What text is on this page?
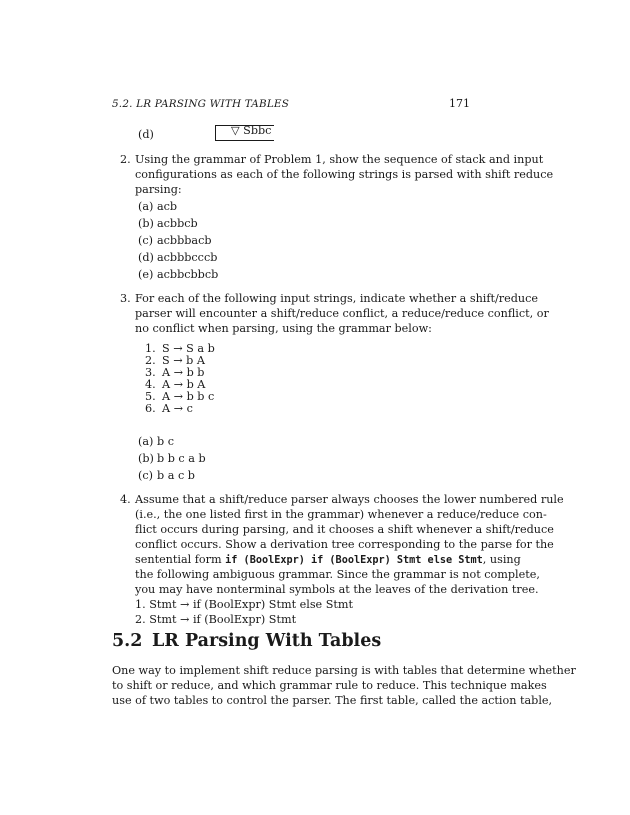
5.2. LR PARSING WITH TABLES	171
(d)	▽ Sbbc
2. Using the grammar of Problem 1, show the sequence of stack and input
configurations as each of the following strings is parsed with shift reduce
parsing:
(a) acb
(b) acbbcb
(c) acbbbacb
(d) acbbbcccb
(e) acbbcbbcb
3. For each of the following input strings, indicate whether a shift/reduce
parser will encounter a shift/reduce conflict, a reduce/reduce conflict, or
no conflict when parsing, using the grammar below:
1. S → S a b
2. S → b A
3. A → b b
4. A → b A
5. A → b b c
6. A → c
(a) b c
(b) b b c a b
(c) b a c b
4. Assume that a shift/reduce parser always chooses the lower numbered rule
(i.e., the one listed first in the grammar) whenever a reduce/reduce con-
flict occurs during parsing, and it chooses a shift whenever a shift/reduce
conflict occurs. Show a derivation tree corresponding to the parse for the
sentential form if (BoolExpr) if (BoolExpr) Stmt else Stmt, using
the following ambiguous grammar. Since the grammar is not complete,
you may have nonterminal symbols at the leaves of the derivation tree.
1. Stmt → if (BoolExpr) Stmt else Stmt
2. Stmt → if (BoolExpr) Stmt
5.2 LR Parsing With Tables
One way to implement shift reduce parsing is with tables that determine whether
to shift or reduce, and which grammar rule to reduce. This technique makes
use of two tables to control the parser. The first table, called the action table,
